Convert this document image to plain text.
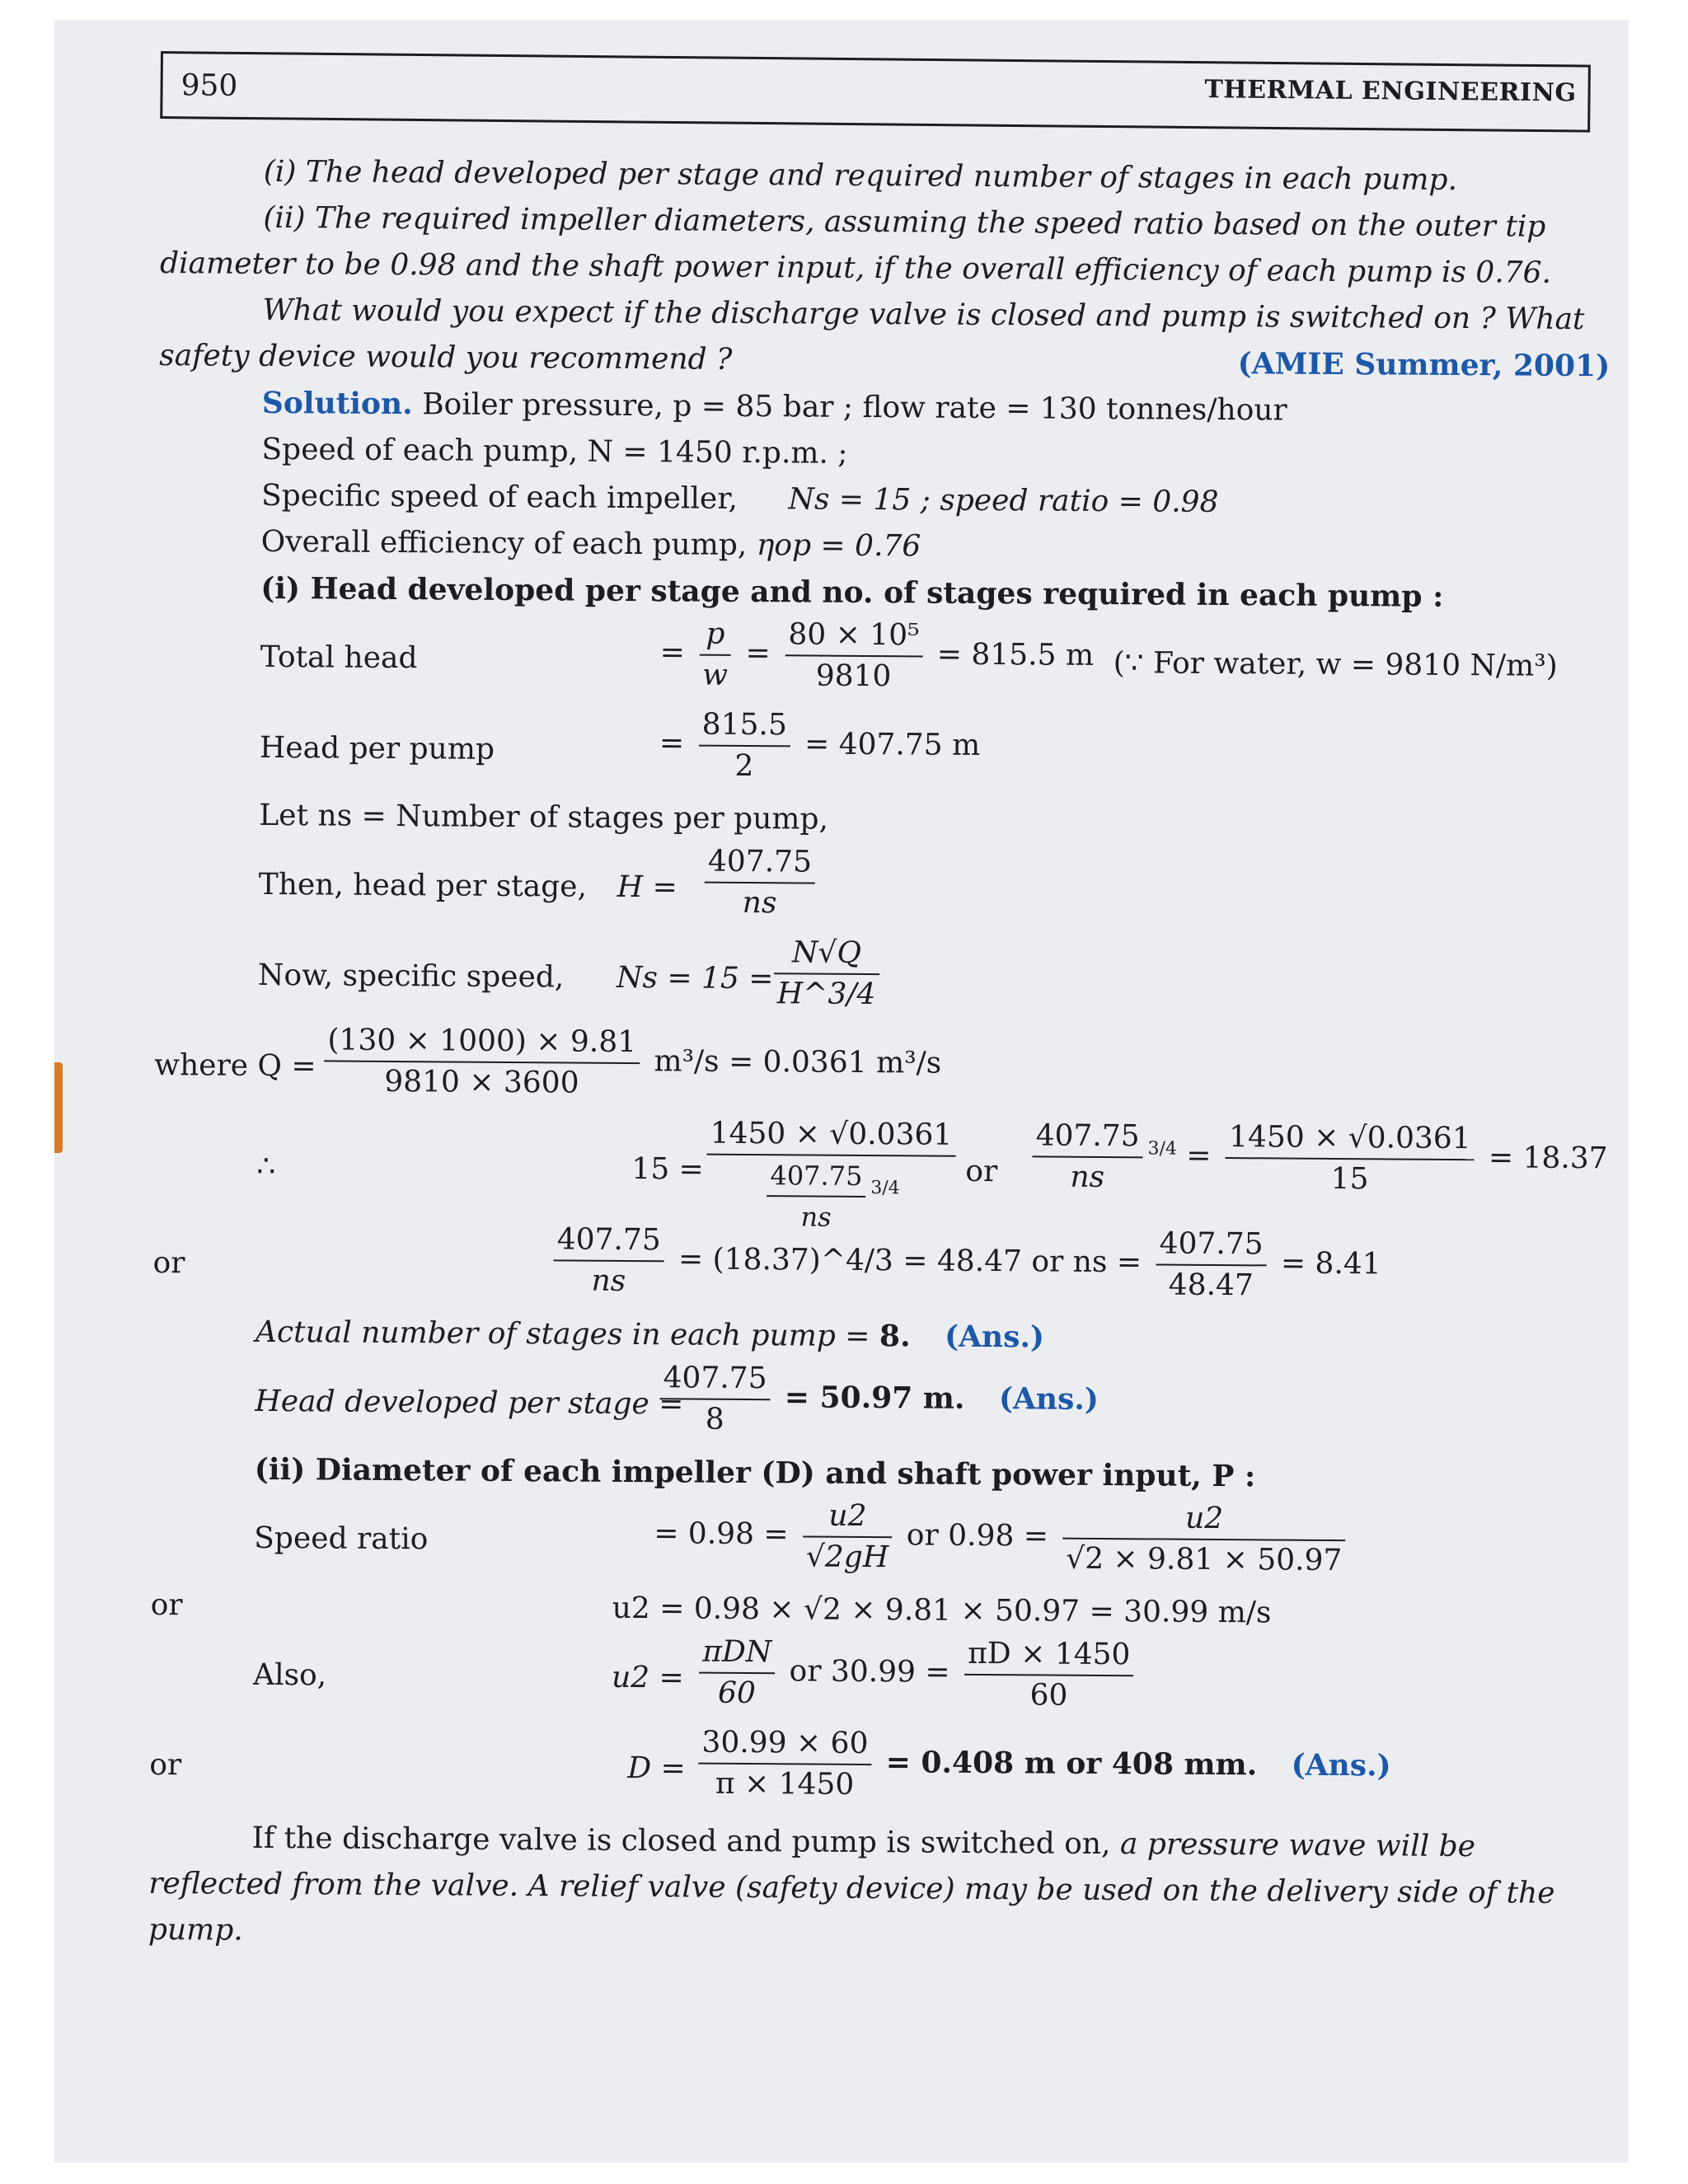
950	THERMAL ENGINEERING

(i) The head developed per stage and required number of stages in each pump.

(ii) The required impeller diameters, assuming the speed ratio based on the outer tip diameter to be 0.98 and the shaft power input, if the overall efficiency of each pump is 0.76.

What would you expect if the discharge valve is closed and pump is switched on ? What safety device would you recommend ?	(AMIE Summer, 2001)

Solution. Boiler pressure, p = 85 bar ; flow rate = 130 tonnes/hour

Speed of each pump, N = 1450 r.p.m. ;

Specific speed of each impeller, Ns = 15 ; speed ratio = 0.98

Overall efficiency of each pump, ηop = 0.76

(i) Head developed per stage and no. of stages required in each pump :

Total head	= $\frac{p}{w} = \frac{\text{80 × 10⁵}}{9810} = 815.5$ m (∵ For water, w = 9810 N/m³)
Head per pump	= $\frac{815.5}{2} = 407.75$ m

Let ns = Number of stages per pump,

Then, head per stage, $H = \frac{407.75}{ns}$
Now, specific speed, $Ns = 15 = \frac{N√Q}{H\^{}3/4}$
where $Q = \frac{(130 \times 1000) \times 9.81}{9810 \times 3600} m^3/s = 0.0361$ m³/s
∴	$15 = \frac{1450 \times √0.0361}{\frac{407.75}{ns} ^{3/4}}$ or $\frac{407.75}{ns} ^{3/4} = \frac{1450 \times √0.0361}{15} = 18.37$
or	$\frac{407.75}{ns}$ = (18.37)^4/3 = 48.47 or ns = $\frac{407.75}{48.47} = 8.41$

Actual number of stages in each pump = 8. (Ans.)

Head developed per stage =
$\frac{407.75}{8} = 50.97$ m. (Ans.)

(ii) Diameter of each impeller (D) and shaft power input, P :

Speed ratio	= $0.98 = \frac{u2}{√2gH}$ or $0.98 = \frac{u2}{√2 \times 9.81 \times 50.97}$
or	u2 = 0.98 × √2 × 9.81 × 50.97 = 30.99 m/s
Also,	$u2 = \frac{\text{πDN}}{60}$ or $30.99 = \frac{\pi D \times 1450}{60}$
or	$D = \frac{30.99 \times 60}{\pi \times 1450} = 0.408$ m or 408 mm. (Ans.)

If the discharge valve is closed and pump is switched on, a pressure wave will be reflected from the valve. A relief valve (safety device) may be used on the delivery side of the pump.
